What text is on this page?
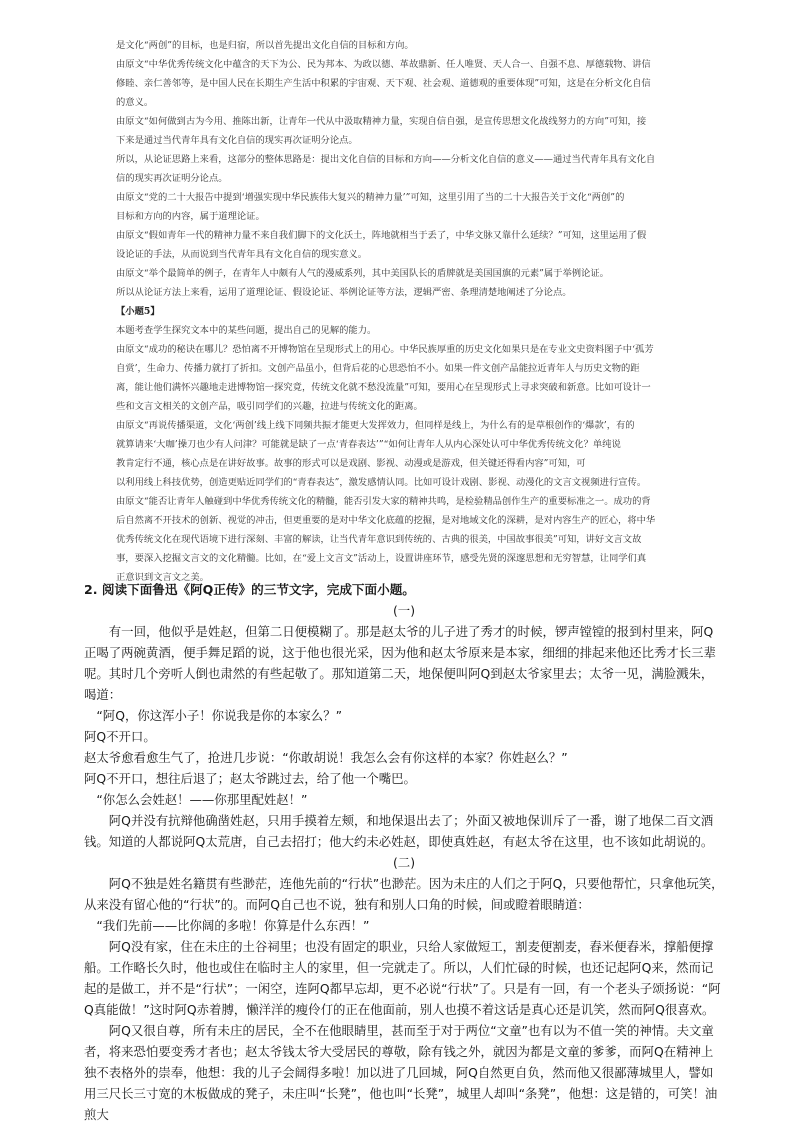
是文化“两创”的目标，也是归宿，所以首先提出文化自信的目标和方向。

由原文“中华优秀传统文化中蕴含的天下为公、民为邦本、为政以德、革故鼎新、任人唯贤、天人合一、自强不息、厚德载物、讲信

修睦、亲仁善邻等，是中国人民在长期生产生活中积累的宇宙观、天下观、社会观、道德观的重要体现”可知，这是在分析文化自信

的意义。

由原文“如何做到古为今用、推陈出新，让青年一代从中汲取精神力量，实现自信自强，是宣传思想文化战线努力的方向”可知，接

下来是通过当代青年具有文化自信的现实再次证明分论点。

所以，从论证思路上来看，这部分的整体思路是：提出文化自信的目标和方向——分析文化自信的意义——通过当代青年具有文化自

信的现实再次证明分论点。

由原文“党的二十大报告中提到‘增强实现中华民族伟大复兴的精神力量’”可知，这里引用了当的二十大报告关于文化“两创”的

目标和方向的内容，属于道理论证。

由原文“假如青年一代的精神力量不来自我们脚下的文化沃土，阵地就相当于丢了，中华文脉又靠什么延续？”可知，这里运用了假

设论证的手法，从而说到当代青年具有文化自信的现实意义。

由原文“举个最简单的例子，在青年人中颇有人气的漫威系列，其中美国队长的盾牌就是美国国旗的元素”属于举例论证。

所以从论证方法上来看，运用了道理论证、假设论证、举例论证等方法，逻辑严密、条理清楚地阐述了分论点。

【小题5】

本题考查学生探究文本中的某些问题，提出自己的见解的能力。

由原文“成功的秘诀在哪儿？恐怕离不开博物馆在呈现形式上的用心。中华民族厚重的历史文化如果只是在专业文史资料图子中‘孤芳

自赏’，生命力、传播力就打了折扣。文创产品虽小，但背后花的心思恐怕不小。如果一件文创产品能拉近青年人与历史文物的距

离，能让他们满怀兴趣地走进博物馆一探究竟，传统文化就不愁没流量”可知，要用心在呈现形式上寻求突破和新意。比如可设计一

些和文言文相关的文创产品，吸引同学们的兴趣，拉进与传统文化的距离。

由原文“再说传播渠道，文化‘两创’线上线下同频共振才能更大发挥效力，但同样是线上，为什么有的是草根创作的‘爆款’，有的

就算请来‘大咖’操刀也少有人问津？可能就是缺了一点‘青春表达’”“如何让青年人从内心深处认可中华优秀传统文化？单纯说

教肯定行不通，核心点是在讲好故事。故事的形式可以是戏剧、影视、动漫或是游戏，但关键还得看内容”可知，可

以利用线上科技优势，创造更贴近同学们的“青春表达”，激发感情认同。比如可设计戏剧、影视、动漫化的文言文视频进行宣传。

由原文“能否让青年人触碰到中华优秀传统文化的精髓，能否引发大家的精神共鸣，是检验精品创作生产的重要标准之一。成功的背

后自然离不开技术的创新、视觉的冲击，但更重要的是对中华文化底蕴的挖掘，是对地域文化的深耕，是对内容生产的匠心，将中华

优秀传统文化在现代语境下进行深刻、丰富的解读，让当代青年意识到传统的、古典的很美，中国故事很美”可知，讲好文言文故

事，要深入挖掘文言文的文化精髓。比如，在“爱上文言文”活动上，设置讲座环节，感受先贤的深邃思想和无穷智慧，让同学们真

正意识到文言文之美。

2. 阅读下面鲁迅《阿Q正传》的三节文字，完成下面小题。

(一)

有一回，他似乎是姓赵，但第二日便模糊了。那是赵太爷的儿子进了秀才的时候，锣声镗镗的报到村里来，阿Q正喝了两碗黄酒，便手舞足蹈的说，这于他也很光采，因为他和赵太爷原来是本家，细细的排起来他还比秀才长三辈呢。其时几个旁听人倒也肃然的有些起敬了。那知道第二天，地保便叫阿Q到赵太爷家里去；太爷一见，满脸溅朱，喝道：

“阿Q，你这浑小子！你说我是你的本家么？”

阿Q不开口。

赵太爷愈看愈生气了，抢进几步说：“你敢胡说！我怎么会有你这样的本家？你姓赵么？”

阿Q不开口，想往后退了；赵太爷跳过去，给了他一个嘴巴。

“你怎么会姓赵！——你那里配姓赵！”

阿Q并没有抗辩他确凿姓赵，只用手摸着左颊，和地保退出去了；外面又被地保训斥了一番，谢了地保二百文酒钱。知道的人都说阿Q太荒唐，自己去招打；他大约未必姓赵，即使真姓赵，有赵太爷在这里，也不该如此胡说的。

(二)

阿Q不独是姓名籍贯有些渺茫，连他先前的“行状”也渺茫。因为未庄的人们之于阿Q，只要他帮忙，只拿他玩笑，从来没有留心他的“行状”的。而阿Q自己也不说，独有和别人口角的时候，间或瞪着眼睛道：

“我们先前——比你阔的多啦！你算是什么东西！”

阿Q没有家，住在未庄的土谷祠里；也没有固定的职业，只给人家做短工，割麦便割麦，舂米便舂米，撑船便撑船。工作略长久时，他也或住在临时主人的家里，但一完就走了。所以，人们忙碌的时候，也还记起阿Q来，然而记起的是做工，并不是“行状”；一闲空，连阿Q都早忘却，更不必说“行状”了。只是有一回，有一个老头子颂扬说：“阿Q真能做！”这时阿Q赤着膊，懒洋洋的瘦伶仃的正在他面前，别人也摸不着这话是真心还是讥笑，然而阿Q很喜欢。

阿Q又很自尊，所有未庄的居民，全不在他眼睛里，甚而至于对于两位“文童”也有以为不值一笑的神情。夫文童者，将来恐怕要变秀才者也；赵太爷钱太爷大受居民的尊敬，除有钱之外，就因为都是文童的爹爹，而阿Q在精神上独不表格外的崇奉，他想：我的儿子会阔得多啦！加以进了几回城，阿Q自然更自负，然而他又很鄙薄城里人，譬如用三尺长三寸宽的木板做成的凳子，未庄叫“长凳”，他也叫“长凳”，城里人却叫“条凳”，他想：这是错的，可笑！油煎大
